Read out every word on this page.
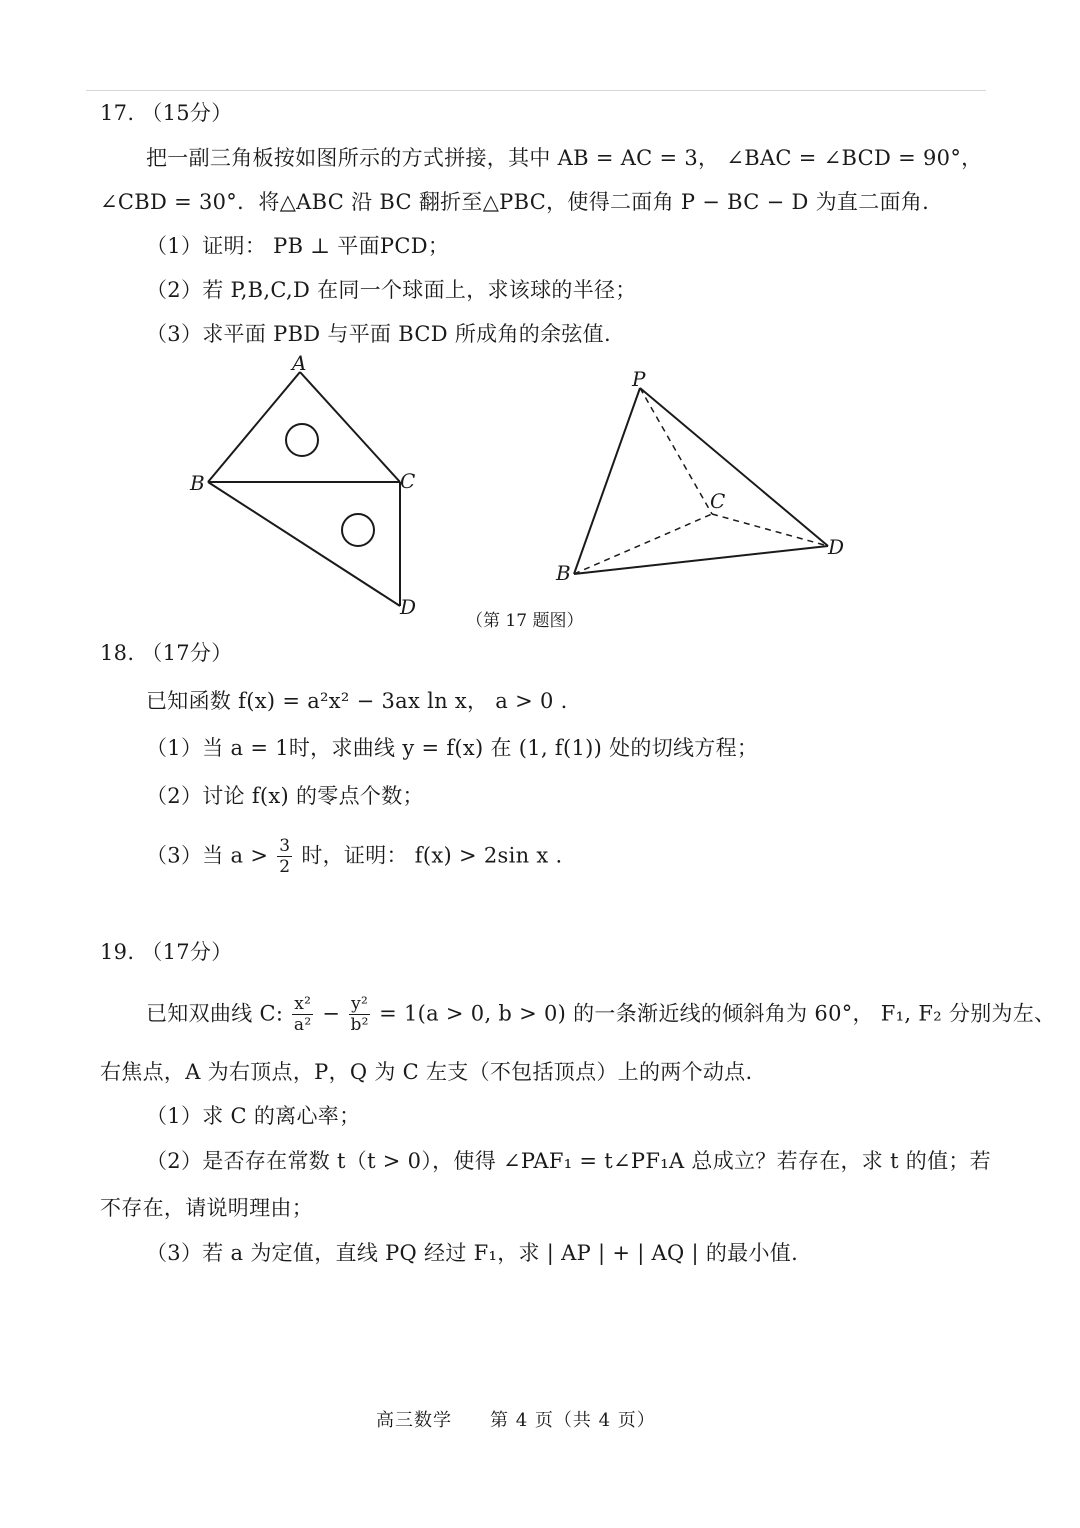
17. （15分）
把一副三角板按如图所示的方式拼接，其中 AB = AC = 3， ∠BAC = ∠BCD = 90°，
∠CBD = 30°．将△ABC 沿 BC 翻折至△PBC，使得二面角 P − BC − D 为直二面角.
（1）证明： PB ⊥ 平面PCD；
（2）若 P,B,C,D 在同一个球面上，求该球的半径；
（3）求平面 PBD 与平面 BCD 所成角的余弦值.
A
B	C
D
P
B
C
D
（第 17 题图）
18. （17分）
已知函数 f(x) = a²x² − 3ax ln x， a > 0 .
（1）当 a = 1时，求曲线 y = f(x) 在 (1, f(1)) 处的切线方程；
（2）讨论 f(x) 的零点个数；
（3）当 $a > \frac{3}{2}$ 时，证明： f(x) > 2sin x .
19. （17分）
已知双曲线 C: $\frac{\text{x²}}{\text{a²}} - \frac{\text{y²}}{\text{b²}} = 1(a > 0$, b > 0) 的一条渐近线的倾斜角为 60°， F₁, F₂ 分别为左、
右焦点，A 为右顶点，P，Q 为 C 左支（不包括顶点）上的两个动点.
（1）求 C 的离心率；
（2）是否存在常数 t（t > 0），使得 ∠PAF₁ = t∠PF₁A 总成立？若存在，求 t 的值；若
不存在，请说明理由；
（3）若 a 为定值，直线 PQ 经过 F₁，求 | AP | + | AQ | 的最小值.
高三数学　　第 4 页（共 4 页）
